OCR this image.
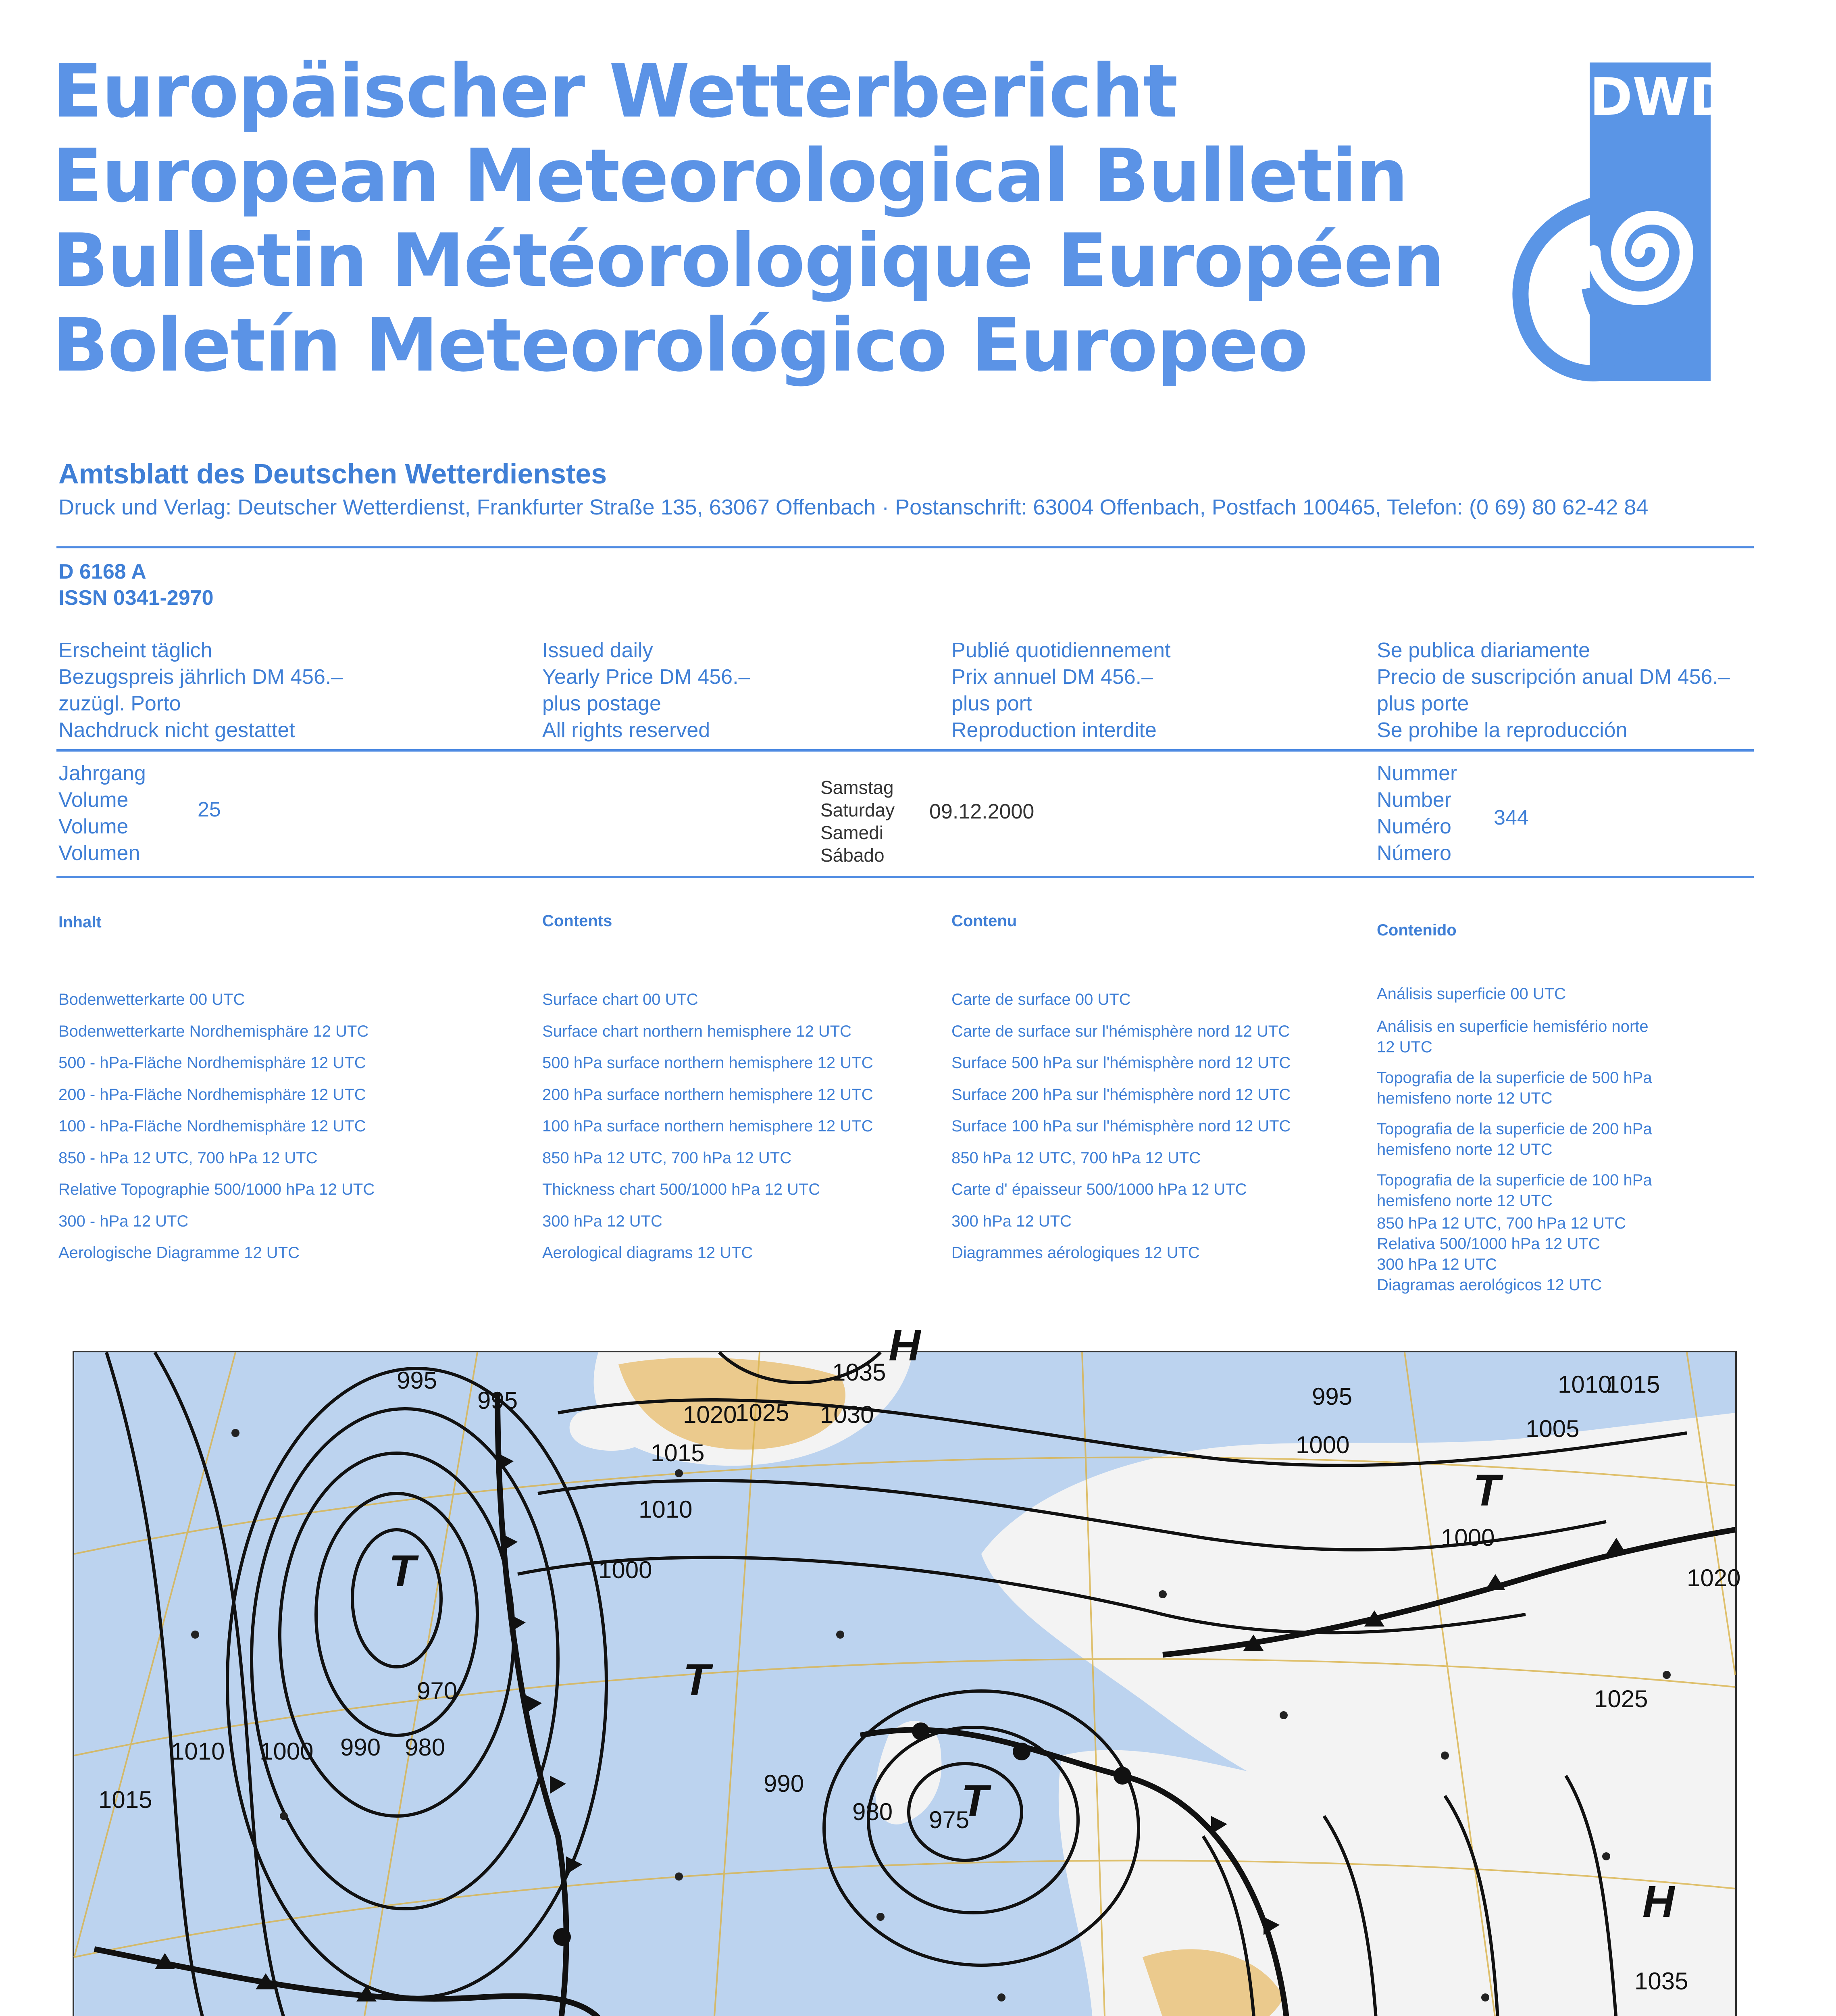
Europäischer Wetterbericht
European Meteorological Bulletin
Bulletin Météorologique Européen
Boletín Meteorológico Europeo
DWD
Amtsblatt des Deutschen Wetterdienstes
Druck und Verlag: Deutscher Wetterdienst, Frankfurter Straße 135, 63067 Offenbach · Postanschrift: 63004 Offenbach, Postfach 100465, Telefon: (0 69) 80 62-42 84
D 6168 A
ISSN 0341-2970
Erscheint täglich
Bezugspreis jährlich DM 456.–
zuzügl. Porto
Nachdruck nicht gestattet
Issued daily
Yearly Price DM 456.–
plus postage
All rights reserved
Publié quotidiennement
Prix annuel DM 456.–
plus port
Reproduction interdite
Se publica diariamente
Precio de suscripción anual DM 456.–
plus porte
Se prohibe la reproducción
Jahrgang
Volume
Volume
Volumen
25
Samstag
Saturday
Samedi
Sábado
09.12.2000
Nummer
Number
Numéro
Número
344
Inhalt
Bodenwetterkarte 00 UTC
Bodenwetterkarte Nordhemisphäre 12 UTC
500 - hPa-Fläche Nordhemisphäre 12 UTC
200 - hPa-Fläche Nordhemisphäre 12 UTC
100 - hPa-Fläche Nordhemisphäre 12 UTC
850 - hPa 12 UTC, 700 hPa 12 UTC
Relative Topographie 500/1000 hPa 12 UTC
300 - hPa 12 UTC
Aerologische Diagramme 12 UTC
Contents
Surface chart 00 UTC
Surface chart northern hemisphere 12 UTC
500 hPa surface northern hemisphere 12 UTC
200 hPa surface northern hemisphere 12 UTC
100 hPa surface northern hemisphere 12 UTC
850 hPa 12 UTC, 700 hPa 12 UTC
Thickness chart 500/1000 hPa 12 UTC
300 hPa 12 UTC
Aerological diagrams 12 UTC
Contenu
Carte de surface 00 UTC
Carte de surface sur l'hémisphère nord 12 UTC
Surface 500 hPa sur l'hémisphère nord 12 UTC
Surface 200 hPa sur l'hémisphère nord 12 UTC
Surface 100 hPa sur l'hémisphère nord 12 UTC
850 hPa 12 UTC, 700 hPa 12 UTC
Carte d' épaisseur 500/1000 hPa 12 UTC
300 hPa 12 UTC
Diagrammes aérologiques 12 UTC
Contenido
Análisis superficie 00 UTC
Análisis en superficie hemisfério norte 12 UTC
Topografia de la superficie de 500 hPa hemisfeno norte 12 UTC
Topografia de la superficie de 200 hPa hemisfeno norte 12 UTC
Topografia de la superficie de 100 hPa hemisfeno norte 12 UTC
850 hPa 12 UTC, 700 hPa 12 UTC
Relativa 500/1000 hPa 12 UTC
300 hPa 12 UTC
Diagramas aerológicos 12 UTC
995
995
1035
1030
1025
1020
1015
1010
1000
970
990 980
1010 1000
1015
975
980
990
1000
995	1010
1015
1005
1000
1020
1025
1035
T
T
T
H
H
T
